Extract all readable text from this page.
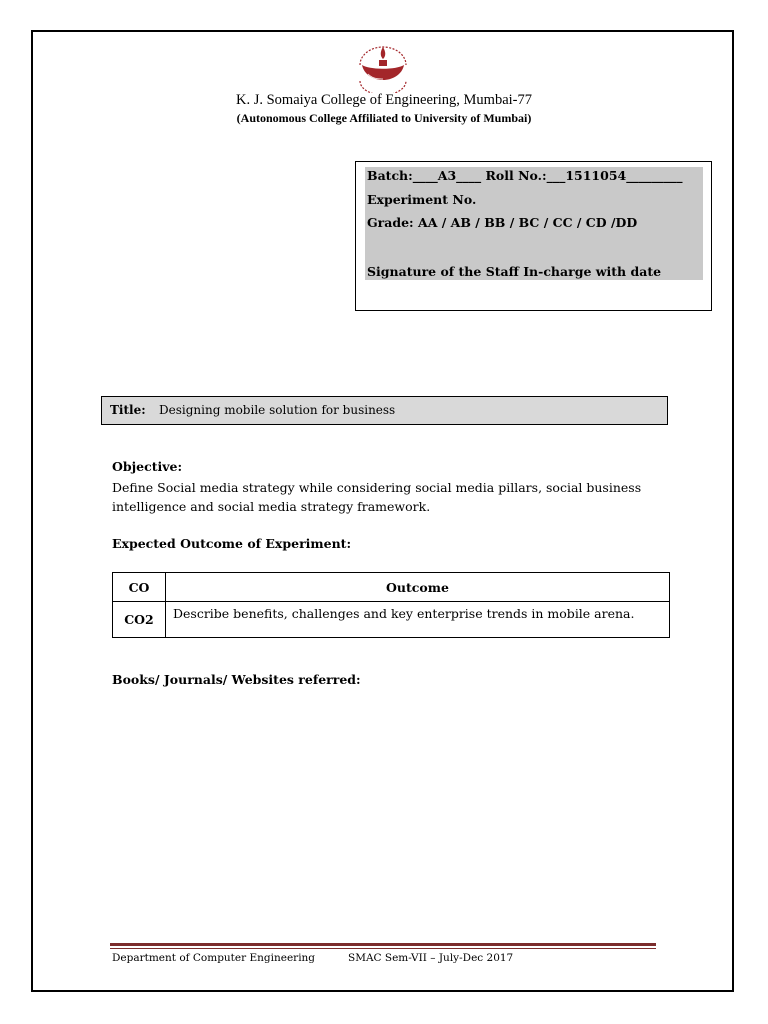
K. J. Somaiya College of Engineering, Mumbai-77
(Autonomous College Affiliated to University of Mumbai)
Batch:____A3____ Roll No.:___1511054_________
Experiment No.
Grade: AA / AB / BB / BC / CC / CD /DD
Signature of the Staff In-charge with date
Title: Designing mobile solution for business
Objective:
Define Social media strategy while considering social media pillars, social business intelligence and social media strategy framework.
Expected Outcome of Experiment:
CO	Outcome
CO2	Describe benefits, challenges and key enterprise trends in mobile arena.
Books/ Journals/ Websites referred:
Department of Computer Engineering	SMAC Sem-VII – July-Dec 2017
